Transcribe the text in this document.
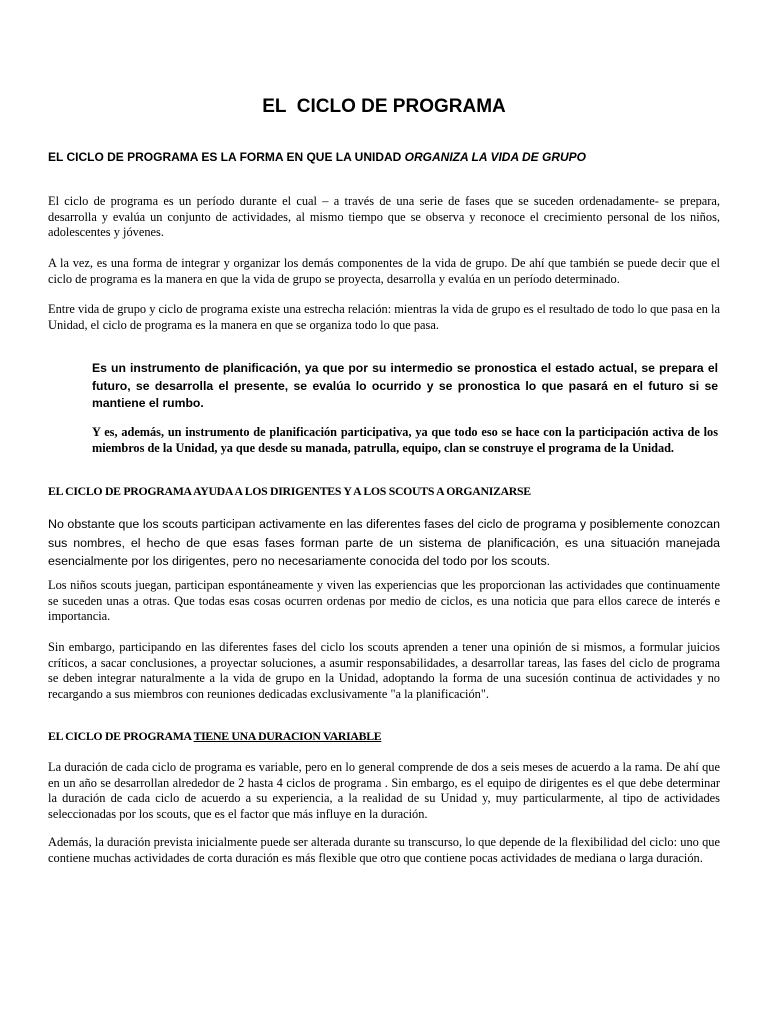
EL  CICLO DE PROGRAMA

EL CICLO DE PROGRAMA ES LA FORMA EN QUE LA UNIDAD ORGANIZA LA VIDA DE GRUPO

El ciclo de programa es un período durante el cual – a través de una serie de fases que se suceden ordenadamente- se prepara, desarrolla y evalúa un conjunto de actividades, al mismo tiempo que se observa y reconoce el crecimiento personal de los niños, adolescentes y jóvenes.

A la vez, es una forma de integrar y organizar los demás componentes de la vida de grupo. De ahí que también se puede decir que el ciclo de programa es la manera en que la vida de grupo se proyecta, desarrolla y evalúa en un período determinado.

Entre vida de grupo y ciclo de programa existe una estrecha relación: mientras la vida de grupo es el resultado de todo lo que pasa en la Unidad, el ciclo de programa es la manera en que se organiza todo lo que pasa.

Es un instrumento de planificación, ya que por su intermedio se pronostica el estado actual, se prepara el futuro, se desarrolla el presente, se evalúa lo ocurrido y se pronostica lo que pasará en el futuro si se mantiene el rumbo.

Y es, además, un instrumento de planificación participativa, ya que todo eso se hace con la participación activa de los miembros de la Unidad, ya que desde su manada, patrulla, equipo, clan se construye el programa de la Unidad.

EL CICLO DE PROGRAMA AYUDA A LOS DIRIGENTES Y A LOS SCOUTS A ORGANIZARSE

No obstante que los scouts participan activamente en las diferentes fases del ciclo de programa y posiblemente conozcan sus nombres, el hecho de que esas fases forman parte de un sistema de planificación, es una situación manejada esencialmente por los dirigentes, pero no necesariamente conocida del todo por los scouts.

Los niños scouts juegan, participan espontáneamente y viven las experiencias que les proporcionan las actividades que continuamente se suceden unas a otras. Que todas esas cosas ocurren ordenas por medio de ciclos, es una noticia que para ellos carece de interés e importancia.

Sin embargo, participando en las diferentes fases del ciclo los scouts aprenden a tener una opinión de si mismos, a formular juicios críticos, a sacar conclusiones, a proyectar soluciones, a asumir responsabilidades, a desarrollar tareas, las fases del ciclo de programa se deben integrar naturalmente a la vida de grupo en la Unidad, adoptando la forma de una sucesión continua de actividades y no recargando a sus miembros con reuniones dedicadas exclusivamente "a la planificación".

EL CICLO DE PROGRAMA TIENE UNA DURACION VARIABLE

La duración de cada ciclo de programa es variable, pero en lo general comprende de dos a seis meses de acuerdo a la rama. De ahí que en un año se desarrollan alrededor de 2 hasta 4 ciclos de programa . Sin embargo, es el equipo de dirigentes es el que debe determinar la duración de cada ciclo de acuerdo a su experiencia, a la realidad de su Unidad y, muy particularmente, al tipo de actividades seleccionadas por los scouts, que es el factor que más influye en la duración.

Además, la duración prevista inicialmente puede ser alterada durante su transcurso, lo que depende de la flexibilidad del ciclo: uno que contiene muchas actividades de corta duración es más flexible que otro que contiene pocas actividades de mediana o larga duración.
